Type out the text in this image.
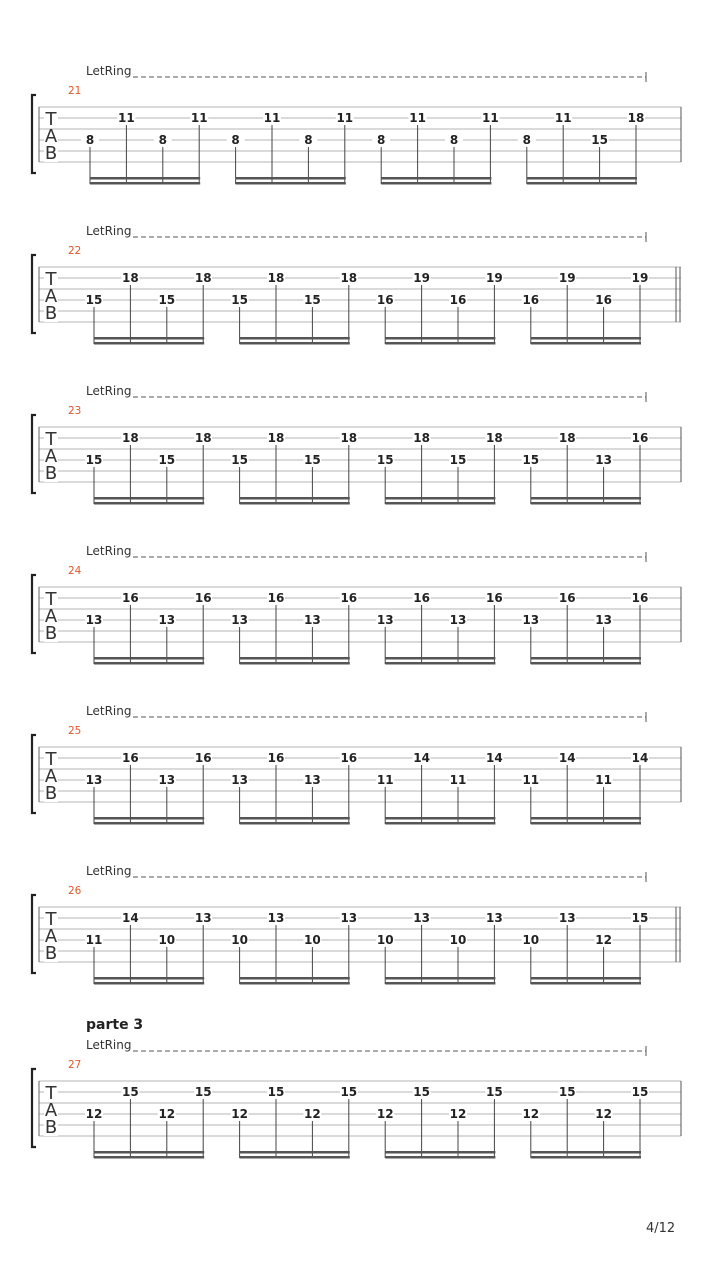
LetRing
21
T
A
B
8
11
8
11
8
11
8
11
8
11
8
11
8
11
15
18
LetRing
22
T
A
B
15
18
15
18
15
18
15
18
16
19
16
19
16
19
16
19
LetRing
23
T
A
B
15
18
15
18
15
18
15
18
15
18
15
18
15
18
13
16
LetRing
24
T
A
B
13
16
13
16
13
16
13
16
13
16
13
16
13
16
13
16
LetRing
25
T
A
B
13
16
13
16
13
16
13
16
11
14
11
14
11
14
11
14
LetRing
26
T
A
B
11
14
10
13
10
13
10
13
10
13
10
13
10
13
12
15
parte 3
LetRing
27
T
A
B
12
15
12
15
12
15
12
15
12
15
12
15
12
15
12
15
4/12
